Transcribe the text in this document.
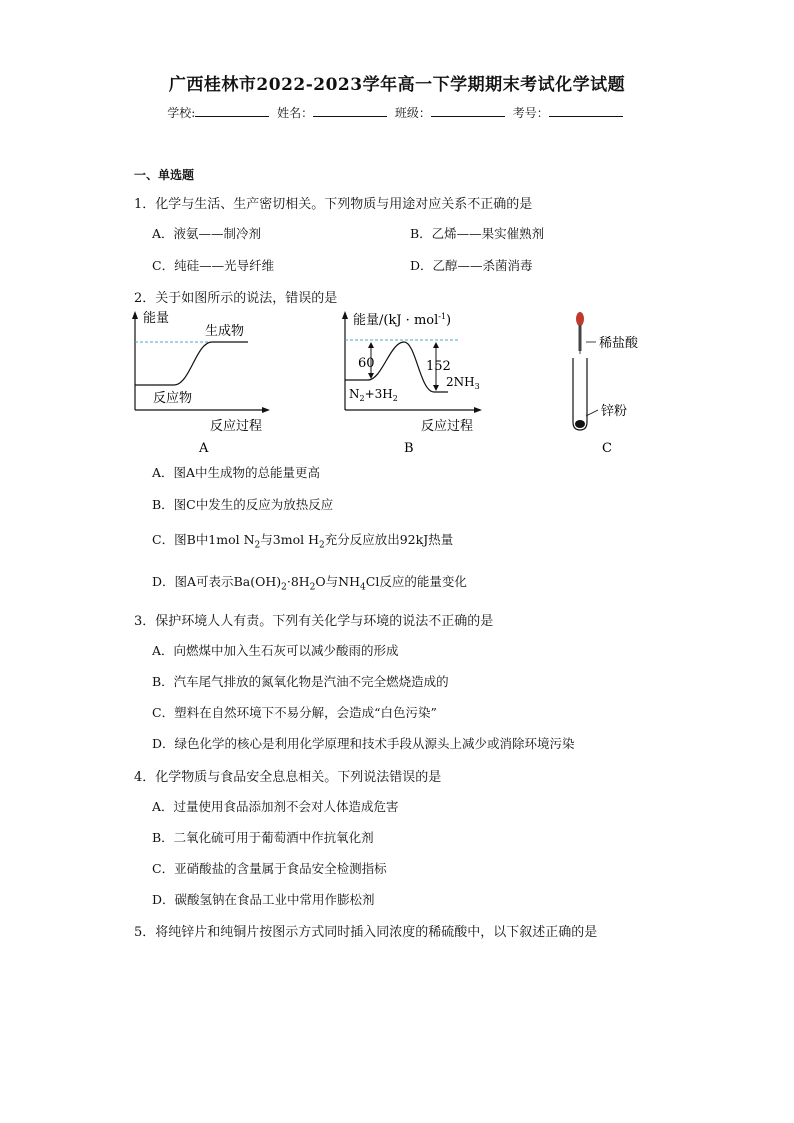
广西桂林市2022-2023学年高一下学期期末考试化学试题
学校:	姓名：	班级：	考号：
一、单选题
1．化学与生活、生产密切相关。下列物质与用途对应关系不正确的是
A．液氨——制冷剂	B．乙烯——果实催熟剂
C．纯硅——光导纤维	D．乙醇——杀菌消毒
2．关于如图所示的说法，错误的是
能量
生成物
反应物
反应过程
A
能量/(kJ · mol$^{-1}$)
60	152
$2NH_3$
$N_2+3H_2$
反应过程
B
稀盐酸
锌粉
C
A．图A中生成物的总能量更高
B．图C中发生的反应为放热反应
C．图B中1mol $N_2$与3mol $H_2$充分反应放出92kJ热量
D．图A可表示$Ba(OH)_2\cdot 8H_2O$与$NH_4Cl$反应的能量变化
3．保护环境人人有责。下列有关化学与环境的说法不正确的是
A．向燃煤中加入生石灰可以减少酸雨的形成
B．汽车尾气排放的氮氧化物是汽油不完全燃烧造成的
C．塑料在自然环境下不易分解，会造成“白色污染”
D．绿色化学的核心是利用化学原理和技术手段从源头上减少或消除环境污染
4．化学物质与食品安全息息相关。下列说法错误的是
A．过量使用食品添加剂不会对人体造成危害
B．二氧化硫可用于葡萄酒中作抗氧化剂
C．亚硝酸盐的含量属于食品安全检测指标
D．碳酸氢钠在食品工业中常用作膨松剂
5．将纯锌片和纯铜片按图示方式同时插入同浓度的稀硫酸中，以下叙述正确的是
